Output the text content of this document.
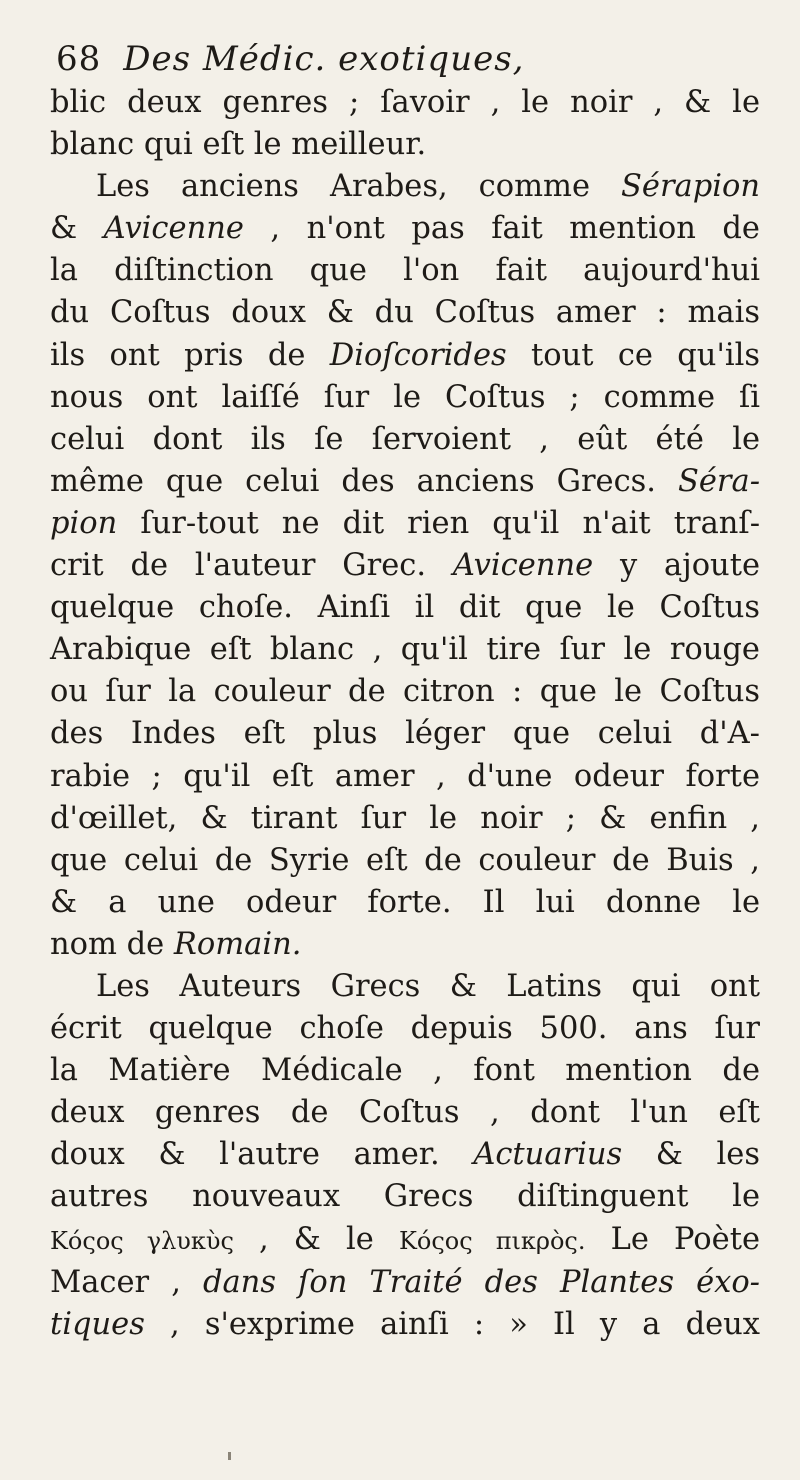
68 Des Médic. exotiques,
blic deux genres ; ſavoir , le noir , & le
blanc qui eſt le meilleur.
Les anciens Arabes, comme Sérapion
& Avicenne , n'ont pas fait mention de
la diſtinction que l'on fait aujourd'hui
du Coſtus doux & du Coſtus amer : mais
ils ont pris de Dioſcorides tout ce qu'ils
nous ont laiſſé ſur le Coſtus ; comme ſi
celui dont ils ſe ſervoient , eût été le
même que celui des anciens Grecs. Séra-
pion ſur-tout ne dit rien qu'il n'ait tranſ-
crit de l'auteur Grec. Avicenne y ajoute
quelque choſe. Ainſi il dit que le Coſtus
Arabique eſt blanc , qu'il tire ſur le rouge
ou ſur la couleur de citron : que le Coſtus
des Indes eſt plus léger que celui d'A-
rabie ; qu'il eſt amer , d'une odeur forte
d'œillet, & tirant ſur le noir ; & enfin ,
que celui de Syrie eſt de couleur de Buis ,
& a une odeur forte. Il lui donne le
nom de Romain.
Les Auteurs Grecs & Latins qui ont
écrit quelque choſe depuis 500. ans ſur
la Matière Médicale , font mention de
deux genres de Coſtus , dont l'un eſt
doux & l'autre amer. Actuarius & les
autres nouveaux Grecs diſtinguent le
Κόςος γλυκὺς , & le Κόςος πικρὸς. Le Poète
Macer , dans ſon Traité des Plantes éxo-
tiques , s'exprime ainſi : » Il y a deux
